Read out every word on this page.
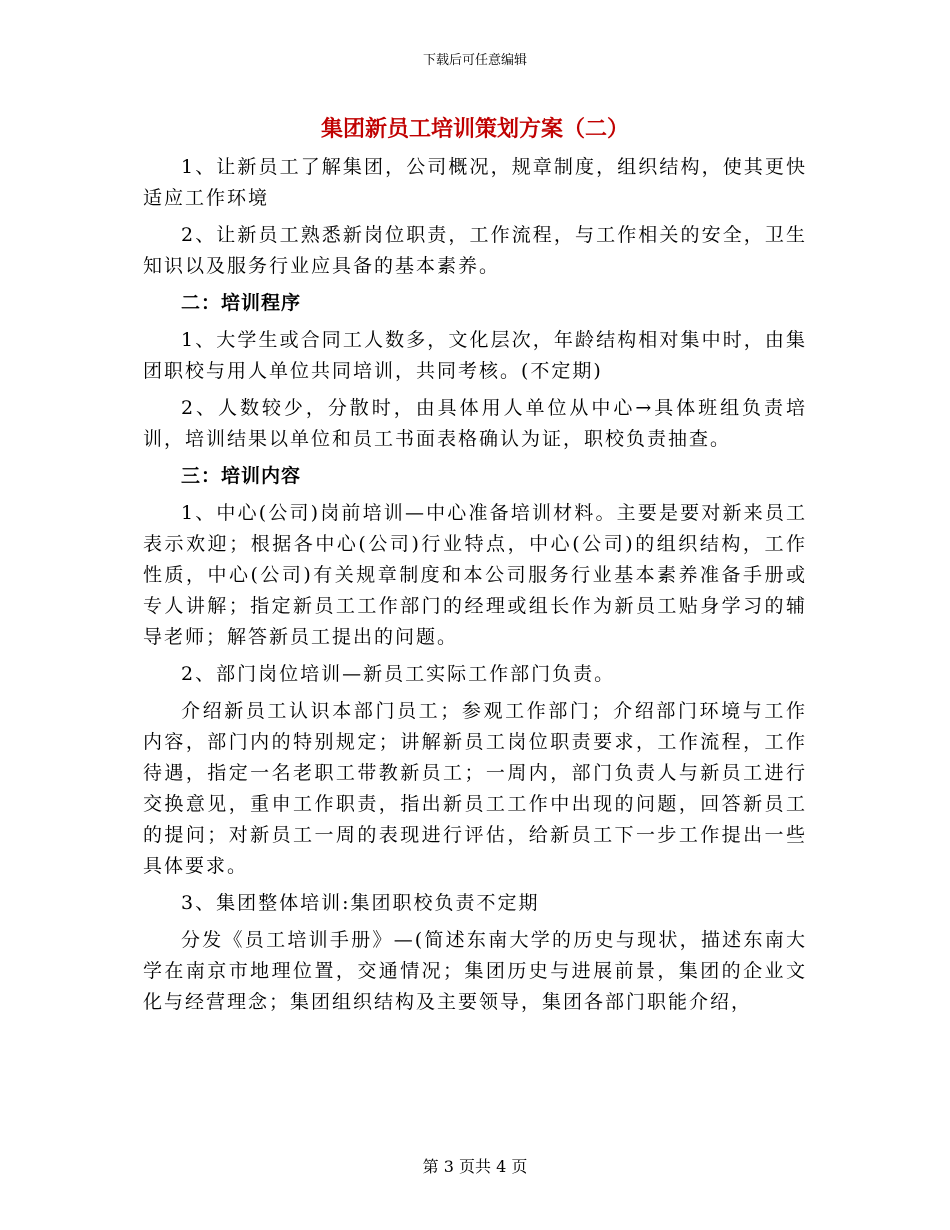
下载后可任意编辑
集团新员工培训策划方案（二）

1、让新员工了解集团，公司概况，规章制度，组织结构，使其更快适应工作环境

2、让新员工熟悉新岗位职责，工作流程，与工作相关的安全，卫生知识以及服务行业应具备的基本素养。

二：培训程序

1、大学生或合同工人数多，文化层次，年龄结构相对集中时，由集团职校与用人单位共同培训，共同考核。(不定期)

2、人数较少，分散时，由具体用人单位从中心→具体班组负责培训，培训结果以单位和员工书面表格确认为证，职校负责抽查。

三：培训内容

1、中心(公司)岗前培训—中心准备培训材料。主要是要对新来员工表示欢迎；根据各中心(公司)行业特点，中心(公司)的组织结构，工作性质，中心(公司)有关规章制度和本公司服务行业基本素养准备手册或专人讲解；指定新员工工作部门的经理或组长作为新员工贴身学习的辅导老师；解答新员工提出的问题。

2、部门岗位培训—新员工实际工作部门负责。

介绍新员工认识本部门员工；参观工作部门；介绍部门环境与工作内容，部门内的特别规定；讲解新员工岗位职责要求，工作流程，工作待遇，指定一名老职工带教新员工；一周内，部门负责人与新员工进行交换意见，重申工作职责，指出新员工工作中出现的问题，回答新员工的提问；对新员工一周的表现进行评估，给新员工下一步工作提出一些具体要求。

3、集团整体培训:集团职校负责不定期

分发《员工培训手册》—(简述东南大学的历史与现状，描述东南大学在南京市地理位置，交通情况；集团历史与进展前景，集团的企业文化与经营理念；集团组织结构及主要领导，集团各部门职能介绍，

第 3 页共 4 页
